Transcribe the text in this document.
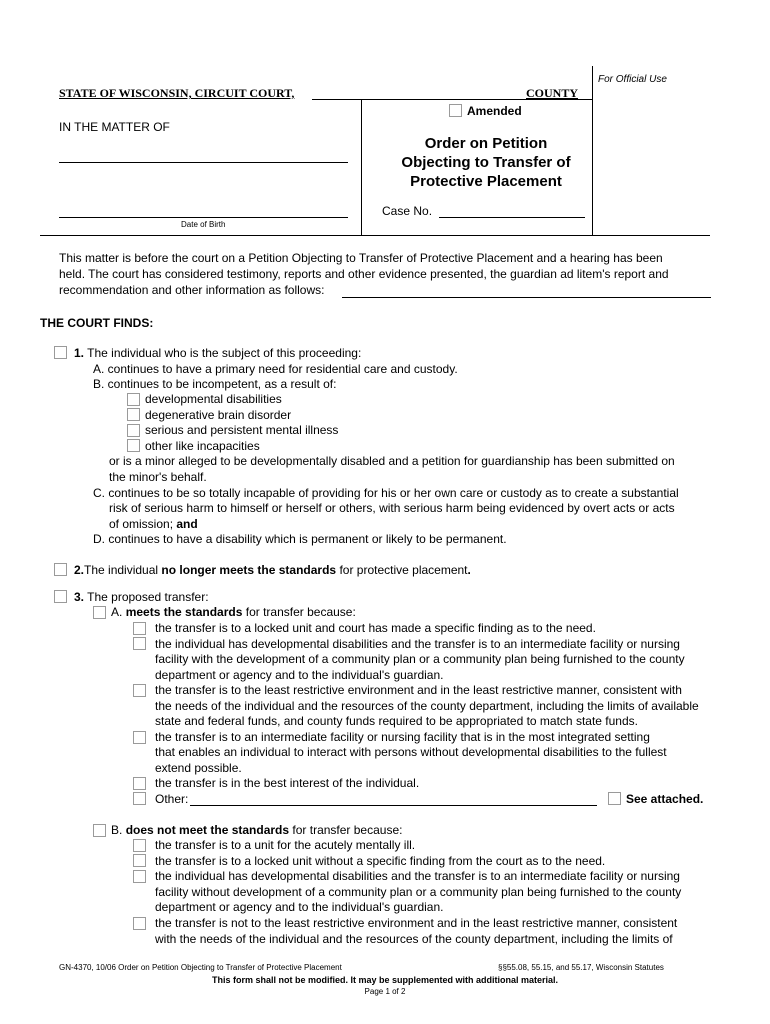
For Official Use
STATE OF WISCONSIN, CIRCUIT COURT,	COUNTY
Amended
IN THE MATTER OF
Date of Birth
Order on Petition
Objecting to Transfer of
Protective Placement
Case No.
This matter is before the court on a Petition Objecting to Transfer of Protective Placement and a hearing has been
held. The court has considered testimony, reports and other evidence presented, the guardian ad litem's report and
recommendation and other information as follows:
THE COURT FINDS:
1. The individual who is the subject of this proceeding:
A. continues to have a primary need for residential care and custody.
B. continues to be incompetent, as a result of:
developmental disabilities
degenerative brain disorder
serious and persistent mental illness
other like incapacities
or is a minor alleged to be developmentally disabled and a petition for guardianship has been submitted on
the minor's behalf.
C. continues to be so totally incapable of providing for his or her own care or custody as to create a substantial
risk of serious harm to himself or herself or others, with serious harm being evidenced by overt acts or acts
of omission; and
D. continues to have a disability which is permanent or likely to be permanent.
2.The individual no longer meets the standards for protective placement.
3. The proposed transfer:
A. meets the standards for transfer because:
the transfer is to a locked unit and court has made a specific finding as to the need.
the individual has developmental disabilities and the transfer is to an intermediate facility or nursing
facility with the development of a community plan or a community plan being furnished to the county
department or agency and to the individual's guardian.
the transfer is to the least restrictive environment and in the least restrictive manner, consistent with
the needs of the individual and the resources of the county department, including the limits of available
state and federal funds, and county funds required to be appropriated to match state funds.
the transfer is to an intermediate facility or nursing facility that is in the most integrated setting
that enables an individual to interact with persons without developmental disabilities to the fullest
extend possible.
the transfer is in the best interest of the individual.
Other:	See attached.
B. does not meet the standards for transfer because:
the transfer is to a unit for the acutely mentally ill.
the transfer is to a locked unit without a specific finding from the court as to the need.
the individual has developmental disabilities and the transfer is to an intermediate facility or nursing
facility without development of a community plan or a community plan being furnished to the county
department or agency and to the individual's guardian.
the transfer is not to the least restrictive environment and in the least restrictive manner, consistent
with the needs of the individual and the resources of the county department, including the limits of
GN-4370, 10/06 Order on Petition Objecting to Transfer of Protective Placement	§§55.08, 55.15, and 55.17, Wisconsin Statutes
This form shall not be modified. It may be supplemented with additional material.
Page 1 of 2
